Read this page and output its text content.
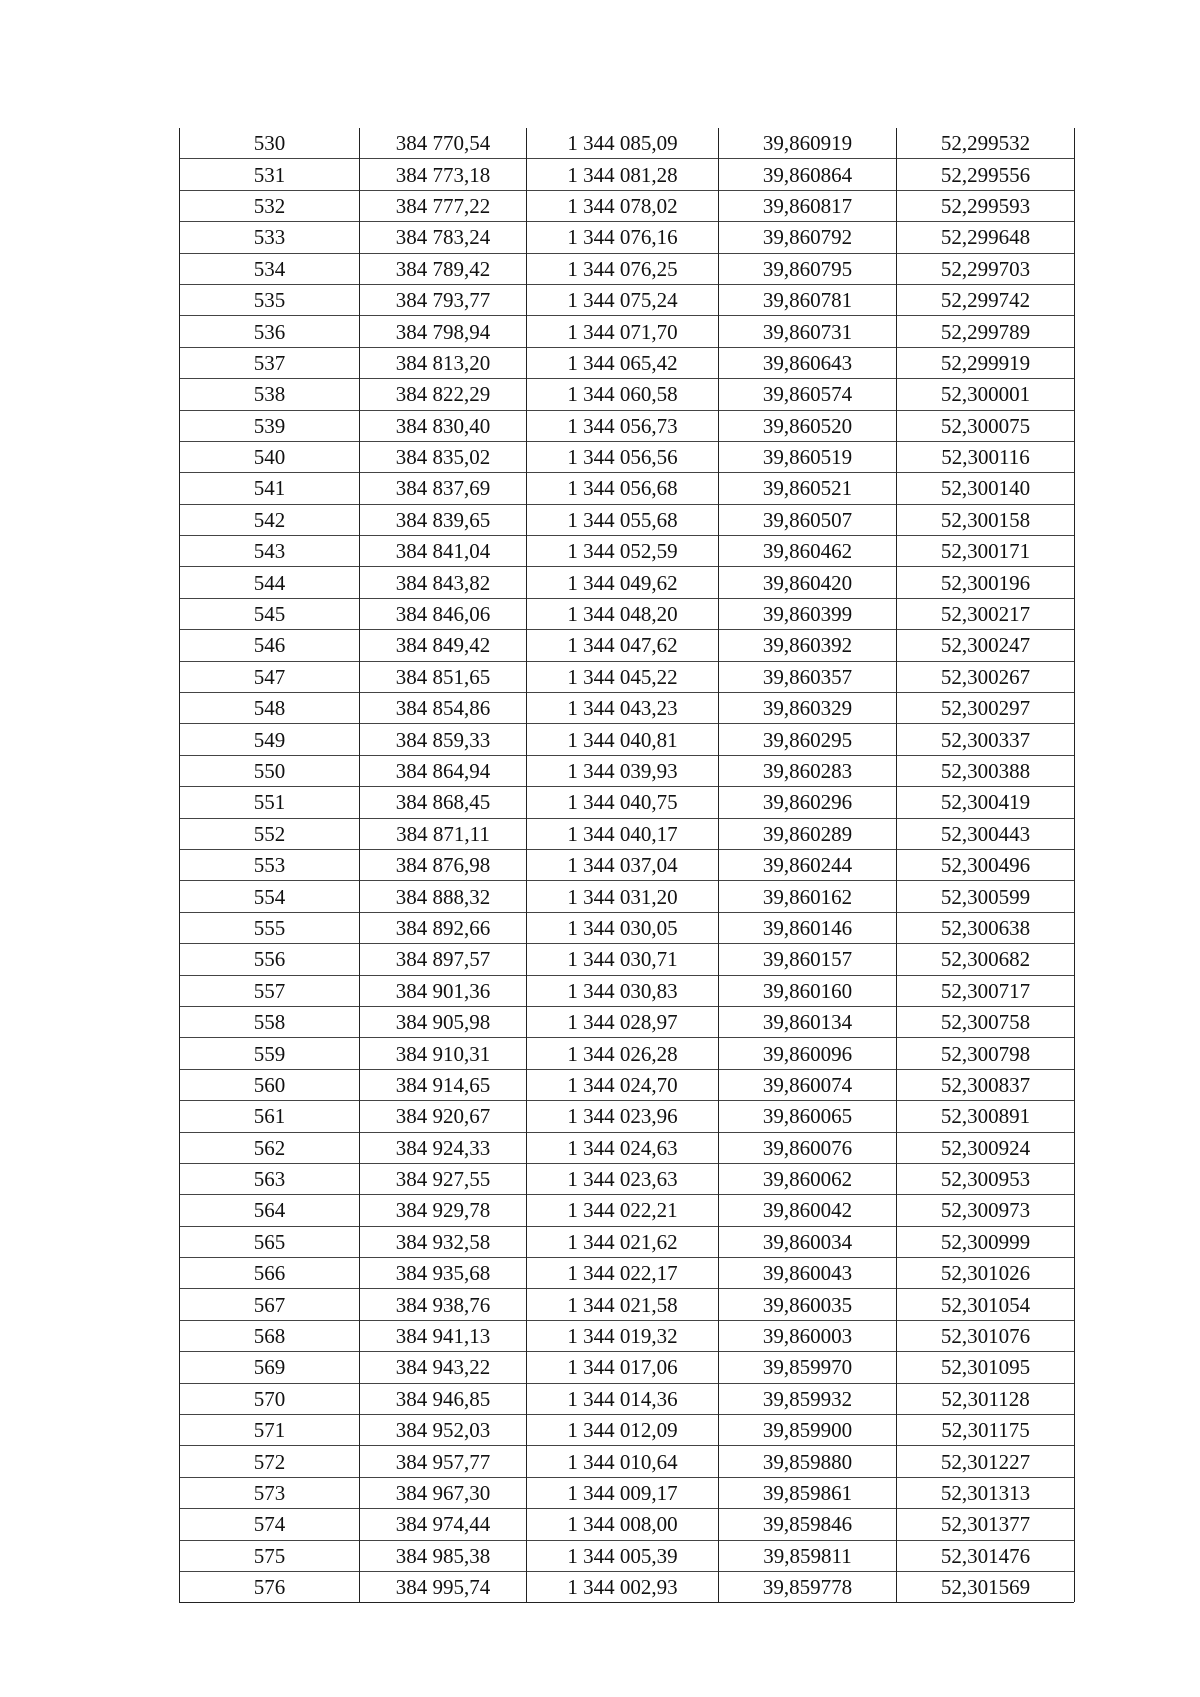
530	384 770,54	1 344 085,09	39,860919	52,299532
531	384 773,18	1 344 081,28	39,860864	52,299556
532	384 777,22	1 344 078,02	39,860817	52,299593
533	384 783,24	1 344 076,16	39,860792	52,299648
534	384 789,42	1 344 076,25	39,860795	52,299703
535	384 793,77	1 344 075,24	39,860781	52,299742
536	384 798,94	1 344 071,70	39,860731	52,299789
537	384 813,20	1 344 065,42	39,860643	52,299919
538	384 822,29	1 344 060,58	39,860574	52,300001
539	384 830,40	1 344 056,73	39,860520	52,300075
540	384 835,02	1 344 056,56	39,860519	52,300116
541	384 837,69	1 344 056,68	39,860521	52,300140
542	384 839,65	1 344 055,68	39,860507	52,300158
543	384 841,04	1 344 052,59	39,860462	52,300171
544	384 843,82	1 344 049,62	39,860420	52,300196
545	384 846,06	1 344 048,20	39,860399	52,300217
546	384 849,42	1 344 047,62	39,860392	52,300247
547	384 851,65	1 344 045,22	39,860357	52,300267
548	384 854,86	1 344 043,23	39,860329	52,300297
549	384 859,33	1 344 040,81	39,860295	52,300337
550	384 864,94	1 344 039,93	39,860283	52,300388
551	384 868,45	1 344 040,75	39,860296	52,300419
552	384 871,11	1 344 040,17	39,860289	52,300443
553	384 876,98	1 344 037,04	39,860244	52,300496
554	384 888,32	1 344 031,20	39,860162	52,300599
555	384 892,66	1 344 030,05	39,860146	52,300638
556	384 897,57	1 344 030,71	39,860157	52,300682
557	384 901,36	1 344 030,83	39,860160	52,300717
558	384 905,98	1 344 028,97	39,860134	52,300758
559	384 910,31	1 344 026,28	39,860096	52,300798
560	384 914,65	1 344 024,70	39,860074	52,300837
561	384 920,67	1 344 023,96	39,860065	52,300891
562	384 924,33	1 344 024,63	39,860076	52,300924
563	384 927,55	1 344 023,63	39,860062	52,300953
564	384 929,78	1 344 022,21	39,860042	52,300973
565	384 932,58	1 344 021,62	39,860034	52,300999
566	384 935,68	1 344 022,17	39,860043	52,301026
567	384 938,76	1 344 021,58	39,860035	52,301054
568	384 941,13	1 344 019,32	39,860003	52,301076
569	384 943,22	1 344 017,06	39,859970	52,301095
570	384 946,85	1 344 014,36	39,859932	52,301128
571	384 952,03	1 344 012,09	39,859900	52,301175
572	384 957,77	1 344 010,64	39,859880	52,301227
573	384 967,30	1 344 009,17	39,859861	52,301313
574	384 974,44	1 344 008,00	39,859846	52,301377
575	384 985,38	1 344 005,39	39,859811	52,301476
576	384 995,74	1 344 002,93	39,859778	52,301569
